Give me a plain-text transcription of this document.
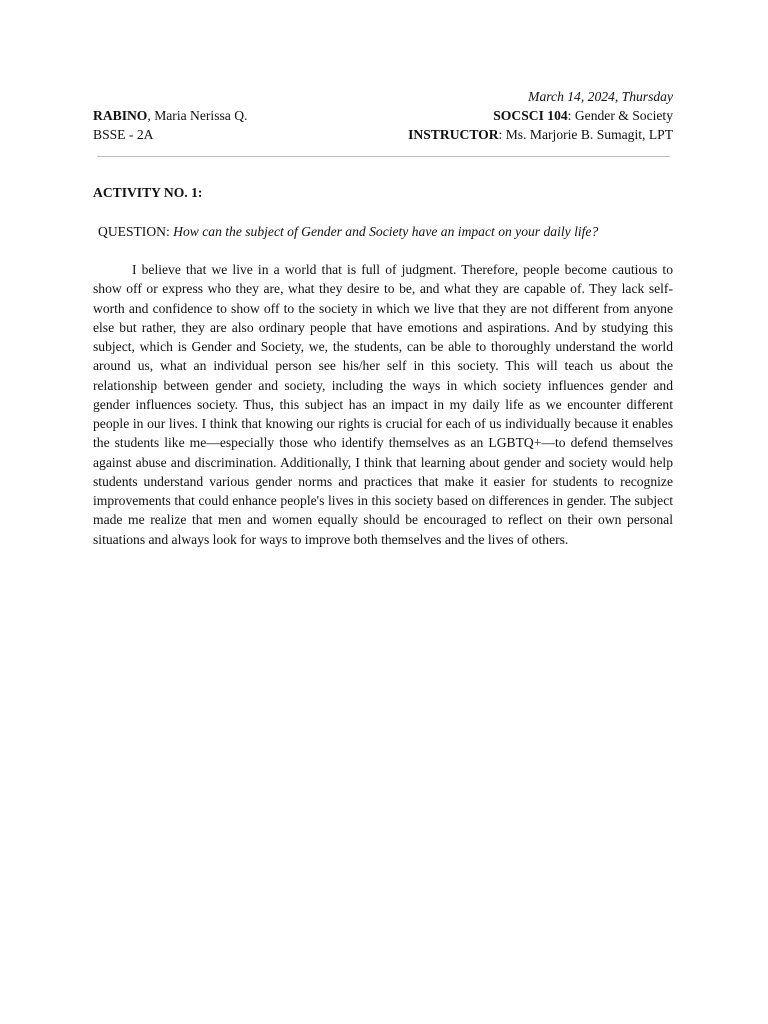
March 14, 2024, Thursday
RABINO, Maria Nerissa Q.	SOCSCI 104: Gender & Society
BSSE - 2A	INSTRUCTOR: Ms. Marjorie B. Sumagit, LPT
ACTIVITY NO. 1:
QUESTION: How can the subject of Gender and Society have an impact on your daily life?

I believe that we live in a world that is full of judgment. Therefore, people become cautious to show off or express who they are, what they desire to be, and what they are capable of. They lack self-worth and confidence to show off to the society in which we live that they are not different from anyone else but rather, they are also ordinary people that have emotions and aspirations. And by studying this subject, which is Gender and Society, we, the students, can be able to thoroughly understand the world around us, what an individual person see his/her self in this society. This will teach us about the relationship between gender and society, including the ways in which society influences gender and gender influences society. Thus, this subject has an impact in my daily life as we encounter different people in our lives. I think that knowing our rights is crucial for each of us individually because it enables the students like me—especially those who identify themselves as an LGBTQ+—to defend themselves against abuse and discrimination. Additionally, I think that learning about gender and society would help students understand various gender norms and practices that make it easier for students to recognize improvements that could enhance people's lives in this society based on differences in gender. The subject made me realize that men and women equally should be encouraged to reflect on their own personal situations and always look for ways to improve both themselves and the lives of others.
